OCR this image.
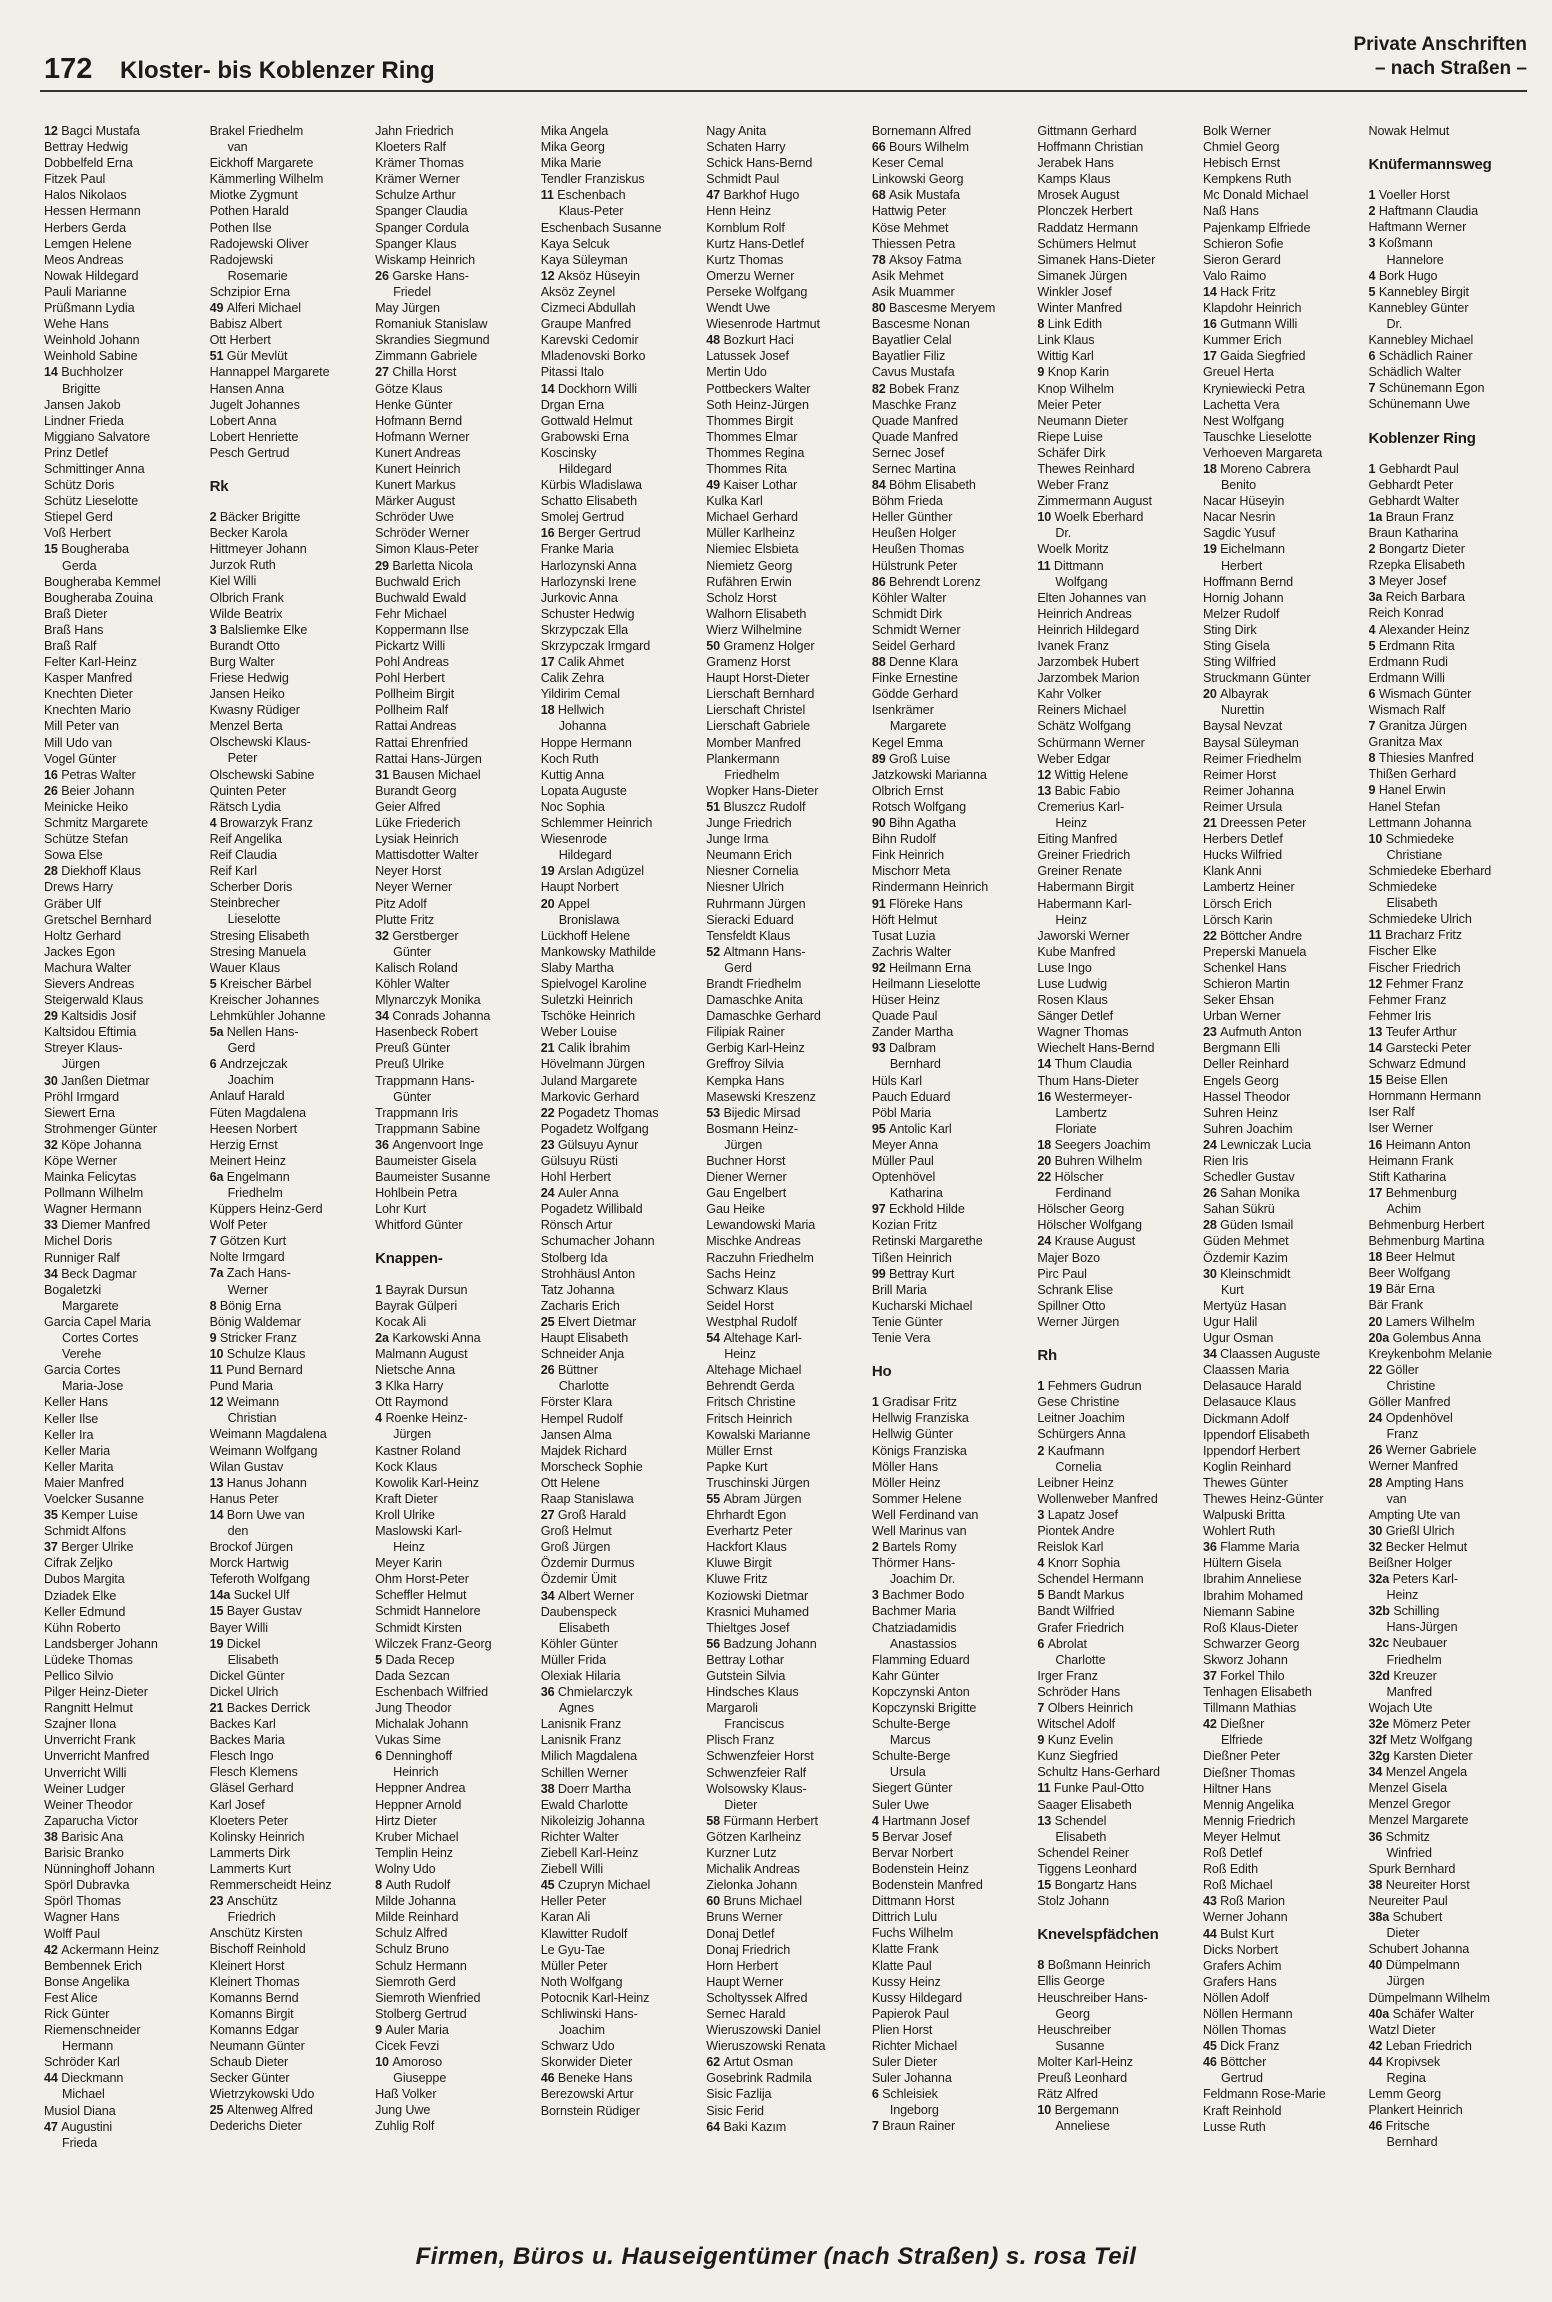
172 Kloster- bis Koblenzer Ring
Private Anschriften
– nach Straßen –
12 Bagci Mustafa
Bettray Hedwig
Dobbelfeld Erna
Fitzek Paul
Halos Nikolaos
Hessen Hermann
Herbers Gerda
Lemgen Helene
Meos Andreas
Nowak Hildegard
Pauli Marianne
Prüßmann Lydia
Wehe Hans
Weinhold Johann
Weinhold Sabine
14 Buchholzer
Brigitte
Jansen Jakob
Lindner Frieda
Miggiano Salvatore
Prinz Detlef
Schmittinger Anna
Schütz Doris
Schütz Lieselotte
Stiepel Gerd
Voß Herbert
15 Bougheraba
Gerda
Bougheraba Kemmel
Bougheraba Zouina
Braß Dieter
Braß Hans
Braß Ralf
Felter Karl-Heinz
Kasper Manfred
Knechten Dieter
Knechten Mario
Mill Peter van
Mill Udo van
Vogel Günter
16 Petras Walter
26 Beier Johann
Meinicke Heiko
Schmitz Margarete
Schütze Stefan
Sowa Else
28 Diekhoff Klaus
Drews Harry
Gräber Ulf
Gretschel Bernhard
Holtz Gerhard
Jackes Egon
Machura Walter
Sievers Andreas
Steigerwald Klaus
29 Kaltsidis Josif
Kaltsidou Eftimia
Streyer Klaus-
Jürgen
30 Janßen Dietmar
Pröhl Irmgard
Siewert Erna
Strohmenger Günter
32 Köpe Johanna
Köpe Werner
Mainka Felicytas
Pollmann Wilhelm
Wagner Hermann
33 Diemer Manfred
Michel Doris
Runniger Ralf
34 Beck Dagmar
Bogaletzki
Margarete
Garcia Capel Maria
Cortes Cortes
Verehe
Garcia Cortes
Maria-Jose
Keller Hans
Keller Ilse
Keller Ira
Keller Maria
Keller Marita
Maier Manfred
Voelcker Susanne
35 Kemper Luise
Schmidt Alfons
37 Berger Ulrike
Cifrak Zeljko
Dubos Margita
Dziadek Elke
Keller Edmund
Kühn Roberto
Landsberger Johann
Lüdeke Thomas
Pellico Silvio
Pilger Heinz-Dieter
Rangnitt Helmut
Szajner Ilona
Unverricht Frank
Unverricht Manfred
Unverricht Willi
Weiner Ludger
Weiner Theodor
Zaparucha Victor
38 Barisic Ana
Barisic Branko
Nünninghoff Johann
Spörl Dubravka
Spörl Thomas
Wagner Hans
Wolff Paul
42 Ackermann Heinz
Bembennek Erich
Bonse Angelika
Fest Alice
Rick Günter
Riemenschneider
Hermann
Schröder Karl
44 Dieckmann
Michael
Musiol Diana
47 Augustini
Frieda
Brakel Friedhelm
van
Eickhoff Margarete
Kämmerling Wilhelm
Miotke Zygmunt
Pothen Harald
Pothen Ilse
Radojewski Oliver
Radojewski
Rosemarie
Schzipior Erna
49 Alferi Michael
Babisz Albert
Ott Herbert
51 Gür Mevlüt
Hannappel Margarete
Hansen Anna
Jugelt Johannes
Lobert Anna
Lobert Henriette
Pesch Gertrud
Rk
2 Bäcker Brigitte
Becker Karola
Hittmeyer Johann
Jurzok Ruth
Kiel Willi
Olbrich Frank
Wilde Beatrix
3 Balsliemke Elke
Burandt Otto
Burg Walter
Friese Hedwig
Jansen Heiko
Kwasny Rüdiger
Menzel Berta
Olschewski Klaus-
Peter
Olschewski Sabine
Quinten Peter
Rätsch Lydia
4 Browarzyk Franz
Reif Angelika
Reif Claudia
Reif Karl
Scherber Doris
Steinbrecher
Lieselotte
Stresing Elisabeth
Stresing Manuela
Wauer Klaus
5 Kreischer Bärbel
Kreischer Johannes
Lehmkühler Johanne
5a Nellen Hans-
Gerd
6 Andrzejczak
Joachim
Anlauf Harald
Füten Magdalena
Heesen Norbert
Herzig Ernst
Meinert Heinz
6a Engelmann
Friedhelm
Küppers Heinz-Gerd
Wolf Peter
7 Götzen Kurt
Nolte Irmgard
7a Zach Hans-
Werner
8 Bönig Erna
Bönig Waldemar
9 Stricker Franz
10 Schulze Klaus
11 Pund Bernard
Pund Maria
12 Weimann
Christian
Weimann Magdalena
Weimann Wolfgang
Wilan Gustav
13 Hanus Johann
Hanus Peter
14 Born Uwe van
den
Brockof Jürgen
Morck Hartwig
Teferoth Wolfgang
14a Suckel Ulf
15 Bayer Gustav
Bayer Willi
19 Dickel
Elisabeth
Dickel Günter
Dickel Ulrich
21 Backes Derrick
Backes Karl
Backes Maria
Flesch Ingo
Flesch Klemens
Gläsel Gerhard
Karl Josef
Kloeters Peter
Kolinsky Heinrich
Lammerts Dirk
Lammerts Kurt
Remmerscheidt Heinz
23 Anschütz
Friedrich
Anschütz Kirsten
Bischoff Reinhold
Kleinert Horst
Kleinert Thomas
Komanns Bernd
Komanns Birgit
Komanns Edgar
Neumann Günter
Schaub Dieter
Secker Günter
Wietrzykowski Udo
25 Altenweg Alfred
Dederichs Dieter
Jahn Friedrich
Kloeters Ralf
Krämer Thomas
Krämer Werner
Schulze Arthur
Spanger Claudia
Spanger Cordula
Spanger Klaus
Wiskamp Heinrich
26 Garske Hans-
Friedel
May Jürgen
Romaniuk Stanislaw
Skrandies Siegmund
Zimmann Gabriele
27 Chilla Horst
Götze Klaus
Henke Günter
Hofmann Bernd
Hofmann Werner
Kunert Andreas
Kunert Heinrich
Kunert Markus
Märker August
Schröder Uwe
Schröder Werner
Simon Klaus-Peter
29 Barletta Nicola
Buchwald Erich
Buchwald Ewald
Fehr Michael
Koppermann Ilse
Pickartz Willi
Pohl Andreas
Pohl Herbert
Pollheim Birgit
Pollheim Ralf
Rattai Andreas
Rattai Ehrenfried
Rattai Hans-Jürgen
31 Bausen Michael
Burandt Georg
Geier Alfred
Lüke Friederich
Lysiak Heinrich
Mattisdotter Walter
Neyer Horst
Neyer Werner
Pitz Adolf
Plutte Fritz
32 Gerstberger
Günter
Kalisch Roland
Köhler Walter
Mlynarczyk Monika
34 Conrads Johanna
Hasenbeck Robert
Preuß Günter
Preuß Ulrike
Trappmann Hans-
Günter
Trappmann Iris
Trappmann Sabine
36 Angenvoort Inge
Baumeister Gisela
Baumeister Susanne
Hohlbein Petra
Lohr Kurt
Whitford Günter
Knappen-
1 Bayrak Dursun
Bayrak Gülperi
Kocak Ali
2a Karkowski Anna
Malmann August
Nietsche Anna
3 Klka Harry
Ott Raymond
4 Roenke Heinz-
Jürgen
Kastner Roland
Kock Klaus
Kowolik Karl-Heinz
Kraft Dieter
Kroll Ulrike
Maslowski Karl-
Heinz
Meyer Karin
Ohm Horst-Peter
Scheffler Helmut
Schmidt Hannelore
Schmidt Kirsten
Wilczek Franz-Georg
5 Dada Recep
Dada Sezcan
Eschenbach Wilfried
Jung Theodor
Michalak Johann
Vukas Sime
6 Denninghoff
Heinrich
Heppner Andrea
Heppner Arnold
Hirtz Dieter
Kruber Michael
Templin Heinz
Wolny Udo
8 Auth Rudolf
Milde Johanna
Milde Reinhard
Schulz Alfred
Schulz Bruno
Schulz Hermann
Siemroth Gerd
Siemroth Wienfried
Stolberg Gertrud
9 Auler Maria
Cicek Fevzi
10 Amoroso
Giuseppe
Haß Volker
Jung Uwe
Zuhlig Rolf
Mika Angela
Mika Georg
Mika Marie
Tendler Franziskus
11 Eschenbach
Klaus-Peter
Eschenbach Susanne
Kaya Selcuk
Kaya Süleyman
12 Aksöz Hüseyin
Aksöz Zeynel
Cizmeci Abdullah
Graupe Manfred
Karevski Cedomir
Mladenovski Borko
Pitassi Italo
14 Dockhorn Willi
Drgan Erna
Gottwald Helmut
Grabowski Erna
Koscinsky
Hildegard
Kürbis Wladislawa
Schatto Elisabeth
Smolej Gertrud
16 Berger Gertrud
Franke Maria
Harlozynski Anna
Harlozynski Irene
Jurkovic Anna
Schuster Hedwig
Skrzypczak Ella
Skrzypczak Irmgard
17 Calik Ahmet
Calik Zehra
Yildirim Cemal
18 Hellwich
Johanna
Hoppe Hermann
Koch Ruth
Kuttig Anna
Lopata Auguste
Noc Sophia
Schlemmer Heinrich
Wiesenrode
Hildegard
19 Arslan Adıgüzel
Haupt Norbert
20 Appel
Bronislawa
Lückhoff Helene
Mankowsky Mathilde
Slaby Martha
Spielvogel Karoline
Suletzki Heinrich
Tschöke Heinrich
Weber Louise
21 Calik İbrahim
Hövelmann Jürgen
Juland Margarete
Markovic Gerhard
22 Pogadetz Thomas
Pogadetz Wolfgang
23 Gülsuyu Aynur
Gülsuyu Rüsti
Hohl Herbert
24 Auler Anna
Pogadetz Willibald
Rönsch Artur
Schumacher Johann
Stolberg Ida
Strohhäusl Anton
Tatz Johanna
Zacharis Erich
25 Elvert Dietmar
Haupt Elisabeth
Schneider Anja
26 Büttner
Charlotte
Förster Klara
Hempel Rudolf
Jansen Alma
Majdek Richard
Morscheck Sophie
Ott Helene
Raap Stanislawa
27 Groß Harald
Groß Helmut
Groß Jürgen
Özdemir Durmus
Özdemir Ümit
34 Albert Werner
Daubenspeck
Elisabeth
Köhler Günter
Müller Frida
Olexiak Hilaria
36 Chmielarczyk
Agnes
Lanisnik Franz
Lanisnik Franz
Milich Magdalena
Schillen Werner
38 Doerr Martha
Ewald Charlotte
Nikoleizig Johanna
Richter Walter
Ziebell Karl-Heinz
Ziebell Willi
45 Czupryn Michael
Heller Peter
Karan Ali
Klawitter Rudolf
Le Gyu-Tae
Müller Peter
Noth Wolfgang
Potocnik Karl-Heinz
Schliwinski Hans-
Joachim
Schwarz Udo
Skorwider Dieter
46 Beneke Hans
Berezowski Artur
Bornstein Rüdiger
Nagy Anita
Schaten Harry
Schick Hans-Bernd
Schmidt Paul
47 Barkhof Hugo
Henn Heinz
Kornblum Rolf
Kurtz Hans-Detlef
Kurtz Thomas
Omerzu Werner
Perseke Wolfgang
Wendt Uwe
Wiesenrode Hartmut
48 Bozkurt Haci
Latussek Josef
Mertin Udo
Pottbeckers Walter
Soth Heinz-Jürgen
Thommes Birgit
Thommes Elmar
Thommes Regina
Thommes Rita
49 Kaiser Lothar
Kulka Karl
Michael Gerhard
Müller Karlheinz
Niemiec Elsbieta
Niemietz Georg
Rufähren Erwin
Scholz Horst
Walhorn Elisabeth
Wierz Wilhelmine
50 Gramenz Holger
Gramenz Horst
Haupt Horst-Dieter
Lierschaft Bernhard
Lierschaft Christel
Lierschaft Gabriele
Momber Manfred
Plankermann
Friedhelm
Wopker Hans-Dieter
51 Bluszcz Rudolf
Junge Friedrich
Junge Irma
Neumann Erich
Niesner Cornelia
Niesner Ulrich
Ruhrmann Jürgen
Sieracki Eduard
Tensfeldt Klaus
52 Altmann Hans-
Gerd
Brandt Friedhelm
Damaschke Anita
Damaschke Gerhard
Filipiak Rainer
Gerbig Karl-Heinz
Greffroy Silvia
Kempka Hans
Masewski Kreszenz
53 Bijedic Mirsad
Bosmann Heinz-
Jürgen
Buchner Horst
Diener Werner
Gau Engelbert
Gau Heike
Lewandowski Maria
Mischke Andreas
Raczuhn Friedhelm
Sachs Heinz
Schwarz Klaus
Seidel Horst
Westphal Rudolf
54 Altehage Karl-
Heinz
Altehage Michael
Behrendt Gerda
Fritsch Christine
Fritsch Heinrich
Kowalski Marianne
Müller Ernst
Papke Kurt
Truschinski Jürgen
55 Abram Jürgen
Ehrhardt Egon
Everhartz Peter
Hackfort Klaus
Kluwe Birgit
Kluwe Fritz
Koziowski Dietmar
Krasnici Muhamed
Thieltges Josef
56 Badzung Johann
Bettray Lothar
Gutstein Silvia
Hindsches Klaus
Margaroli
Franciscus
Plisch Franz
Schwenzfeier Horst
Schwenzfeier Ralf
Wolsowsky Klaus-
Dieter
58 Fürmann Herbert
Götzen Karlheinz
Kurzner Lutz
Michalik Andreas
Zielonka Johann
60 Bruns Michael
Bruns Werner
Donaj Detlef
Donaj Friedrich
Horn Herbert
Haupt Werner
Scholtyssek Alfred
Sernec Harald
Wieruszowski Daniel
Wieruszowski Renata
62 Artut Osman
Gosebrink Radmila
Sisic Fazlija
Sisic Ferid
64 Baki Kazım
Bornemann Alfred
66 Bours Wilhelm
Keser Cemal
Linkowski Georg
68 Asik Mustafa
Hattwig Peter
Köse Mehmet
Thiessen Petra
78 Aksoy Fatma
Asik Mehmet
Asik Muammer
80 Bascesme Meryem
Bascesme Nonan
Bayatlier Celal
Bayatlier Filiz
Cavus Mustafa
82 Bobek Franz
Maschke Franz
Quade Manfred
Quade Manfred
Sernec Josef
Sernec Martina
84 Böhm Elisabeth
Böhm Frieda
Heller Günther
Heußen Holger
Heußen Thomas
Hülstrunk Peter
86 Behrendt Lorenz
Köhler Walter
Schmidt Dirk
Schmidt Werner
Seidel Gerhard
88 Denne Klara
Finke Ernestine
Gödde Gerhard
Isenkrämer
Margarete
Kegel Emma
89 Groß Luise
Jatzkowski Marianna
Olbrich Ernst
Rotsch Wolfgang
90 Bihn Agatha
Bihn Rudolf
Fink Heinrich
Mischorr Meta
Rindermann Heinrich
91 Flöreke Hans
Höft Helmut
Tusat Luzia
Zachris Walter
92 Heilmann Erna
Heilmann Lieselotte
Hüser Heinz
Quade Paul
Zander Martha
93 Dalbram
Bernhard
Hüls Karl
Pauch Eduard
Pöbl Maria
95 Antolic Karl
Meyer Anna
Müller Paul
Optenhövel
Katharina
97 Eckhold Hilde
Kozian Fritz
Retinski Margarethe
Tißen Heinrich
99 Bettray Kurt
Brill Maria
Kucharski Michael
Tenie Günter
Tenie Vera
Ho
1 Gradisar Fritz
Hellwig Franziska
Hellwig Günter
Königs Franziska
Möller Hans
Möller Heinz
Sommer Helene
Well Ferdinand van
Well Marinus van
2 Bartels Romy
Thörmer Hans-
Joachim Dr.
3 Bachmer Bodo
Bachmer Maria
Chatziadamidis
Anastassios
Flamming Eduard
Kahr Günter
Kopczynski Anton
Kopczynski Brigitte
Schulte-Berge
Marcus
Schulte-Berge
Ursula
Siegert Günter
Suler Uwe
4 Hartmann Josef
5 Bervar Josef
Bervar Norbert
Bodenstein Heinz
Bodenstein Manfred
Dittmann Horst
Dittrich Lulu
Fuchs Wilhelm
Klatte Frank
Klatte Paul
Kussy Heinz
Kussy Hildegard
Papierok Paul
Plien Horst
Richter Michael
Suler Dieter
Suler Johanna
6 Schleisiek
Ingeborg
7 Braun Rainer
Gittmann Gerhard
Hoffmann Christian
Jerabek Hans
Kamps Klaus
Mrosek August
Plonczek Herbert
Raddatz Hermann
Schümers Helmut
Simanek Hans-Dieter
Simanek Jürgen
Winkler Josef
Winter Manfred
8 Link Edith
Link Klaus
Wittig Karl
9 Knop Karin
Knop Wilhelm
Meier Peter
Neumann Dieter
Riepe Luise
Schäfer Dirk
Thewes Reinhard
Weber Franz
Zimmermann August
10 Woelk Eberhard
Dr.
Woelk Moritz
11 Dittmann
Wolfgang
Elten Johannes van
Heinrich Andreas
Heinrich Hildegard
Ivanek Franz
Jarzombek Hubert
Jarzombek Marion
Kahr Volker
Reiners Michael
Schätz Wolfgang
Schürmann Werner
Weber Edgar
12 Wittig Helene
13 Babic Fabio
Cremerius Karl-
Heinz
Eiting Manfred
Greiner Friedrich
Greiner Renate
Habermann Birgit
Habermann Karl-
Heinz
Jaworski Werner
Kube Manfred
Luse Ingo
Luse Ludwig
Rosen Klaus
Sänger Detlef
Wagner Thomas
Wiechelt Hans-Bernd
14 Thum Claudia
Thum Hans-Dieter
16 Westermeyer-
Lambertz
Floriate
18 Seegers Joachim
20 Buhren Wilhelm
22 Hölscher
Ferdinand
Hölscher Georg
Hölscher Wolfgang
24 Krause August
Majer Bozo
Pirc Paul
Schrank Elise
Spillner Otto
Werner Jürgen
Rh
1 Fehmers Gudrun
Gese Christine
Leitner Joachim
Schürgers Anna
2 Kaufmann
Cornelia
Leibner Heinz
Wollenweber Manfred
3 Lapatz Josef
Piontek Andre
Reislok Karl
4 Knorr Sophia
Schendel Hermann
5 Bandt Markus
Bandt Wilfried
Grafer Friedrich
6 Abrolat
Charlotte
Irger Franz
Schröder Hans
7 Olbers Heinrich
Witschel Adolf
9 Kunz Evelin
Kunz Siegfried
Schultz Hans-Gerhard
11 Funke Paul-Otto
Saager Elisabeth
13 Schendel
Elisabeth
Schendel Reiner
Tiggens Leonhard
15 Bongartz Hans
Stolz Johann
Knevelspfädchen
8 Boßmann Heinrich
Ellis George
Heuschreiber Hans-
Georg
Heuschreiber
Susanne
Molter Karl-Heinz
Preuß Leonhard
Rätz Alfred
10 Bergemann
Anneliese
Bolk Werner
Chmiel Georg
Hebisch Ernst
Kempkens Ruth
Mc Donald Michael
Naß Hans
Pajenkamp Elfriede
Schieron Sofie
Sieron Gerard
Valo Raimo
14 Hack Fritz
Klapdohr Heinrich
16 Gutmann Willi
Kummer Erich
17 Gaida Siegfried
Greuel Herta
Kryniewiecki Petra
Lachetta Vera
Nest Wolfgang
Tauschke Lieselotte
Verhoeven Margareta
18 Moreno Cabrera
Benito
Nacar Hüseyin
Nacar Nesrin
Sagdic Yusuf
19 Eichelmann
Herbert
Hoffmann Bernd
Hornig Johann
Melzer Rudolf
Sting Dirk
Sting Gisela
Sting Wilfried
Struckmann Günter
20 Albayrak
Nurettin
Baysal Nevzat
Baysal Süleyman
Reimer Friedhelm
Reimer Horst
Reimer Johanna
Reimer Ursula
21 Dreessen Peter
Herbers Detlef
Hucks Wilfried
Klank Anni
Lambertz Heiner
Lörsch Erich
Lörsch Karin
22 Böttcher Andre
Preperski Manuela
Schenkel Hans
Schieron Martin
Seker Ehsan
Urban Werner
23 Aufmuth Anton
Bergmann Elli
Deller Reinhard
Engels Georg
Hassel Theodor
Suhren Heinz
Suhren Joachim
24 Lewniczak Lucia
Rien Iris
Schedler Gustav
26 Sahan Monika
Sahan Sükrü
28 Güden Ismail
Güden Mehmet
Özdemir Kazim
30 Kleinschmidt
Kurt
Mertyüz Hasan
Ugur Halil
Ugur Osman
34 Claassen Auguste
Claassen Maria
Delasauce Harald
Delasauce Klaus
Dickmann Adolf
Ippendorf Elisabeth
Ippendorf Herbert
Koglin Reinhard
Thewes Günter
Thewes Heinz-Günter
Walpuski Brittа
Wohlert Ruth
36 Flamme Maria
Hültern Gisela
Ibrahim Anneliese
Ibrahim Mohamed
Niemann Sabine
Roß Klaus-Dieter
Schwarzer Georg
Skworz Johann
37 Forkel Thilo
Tenhagen Elisabeth
Tillmann Mathias
42 Dießner
Elfriede
Dießner Peter
Dießner Thomas
Hiltner Hans
Mennig Angelika
Mennig Friedrich
Meyer Helmut
Roß Detlef
Roß Edith
Roß Michael
43 Roß Marion
Werner Johann
44 Bulst Kurt
Dicks Norbert
Grafers Achim
Grafers Hans
Nöllen Adolf
Nöllen Hermann
Nöllen Thomas
45 Dick Franz
46 Böttcher
Gertrud
Feldmann Rose-Marie
Kraft Reinhold
Lusse Ruth
Nowak Helmut
Knüfermannsweg
1 Voeller Horst
2 Haftmann Claudia
Haftmann Werner
3 Koßmann
Hannelore
4 Bork Hugo
5 Kannebley Birgit
Kannebley Günter
Dr.
Kannebley Michael
6 Schädlich Rainer
Schädlich Walter
7 Schünemann Egon
Schünemann Uwe
Koblenzer Ring
1 Gebhardt Paul
Gebhardt Peter
Gebhardt Walter
1a Braun Franz
Braun Katharina
2 Bongartz Dieter
Rzepka Elisabeth
3 Meyer Josef
3a Reich Barbara
Reich Konrad
4 Alexander Heinz
5 Erdmann Rita
Erdmann Rudi
Erdmann Willi
6 Wismach Günter
Wismach Ralf
7 Granitza Jürgen
Granitza Max
8 Thiesies Manfred
Thißen Gerhard
9 Hanel Erwin
Hanel Stefan
Lettmann Johanna
10 Schmiedeke
Christiane
Schmiedeke Eberhard
Schmiedeke
Elisabeth
Schmiedeke Ulrich
11 Bracharz Fritz
Fischer Elke
Fischer Friedrich
12 Fehmer Franz
Fehmer Franz
Fehmer Iris
13 Teufer Arthur
14 Garstecki Peter
Schwarz Edmund
15 Beise Ellen
Hornmann Hermann
Iser Ralf
Iser Werner
16 Heimann Anton
Heimann Frank
Stift Katharina
17 Behmenburg
Achim
Behmenburg Herbert
Behmenburg Martina
18 Beer Helmut
Beer Wolfgang
19 Bär Erna
Bär Frank
20 Lamers Wilhelm
20a Golembus Anna
Kreykenbohm Melanie
22 Göller
Christine
Göller Manfred
24 Opdenhövel
Franz
26 Werner Gabriele
Werner Manfred
28 Ampting Hans
van
Ampting Ute van
30 Grießl Ulrich
32 Becker Helmut
Beißner Holger
32a Peters Karl-
Heinz
32b Schilling
Hans-Jürgen
32c Neubauer
Friedhelm
32d Kreuzer
Manfred
Wojach Ute
32e Mömerz Peter
32f Metz Wolfgang
32g Karsten Dieter
34 Menzel Angela
Menzel Gisela
Menzel Gregor
Menzel Margarete
36 Schmitz
Winfried
Spurk Bernhard
38 Neureiter Horst
Neureiter Paul
38a Schubert
Dieter
Schubert Johanna
40 Dümpelmann
Jürgen
Dümpelmann Wilhelm
40a Schäfer Walter
Watzl Dieter
42 Leban Friedrich
44 Kropivsek
Regina
Lemm Georg
Plankert Heinrich
46 Fritsche
Bernhard
Firmen, Büros u. Hauseigentümer (nach Straßen) s. rosa Teil
